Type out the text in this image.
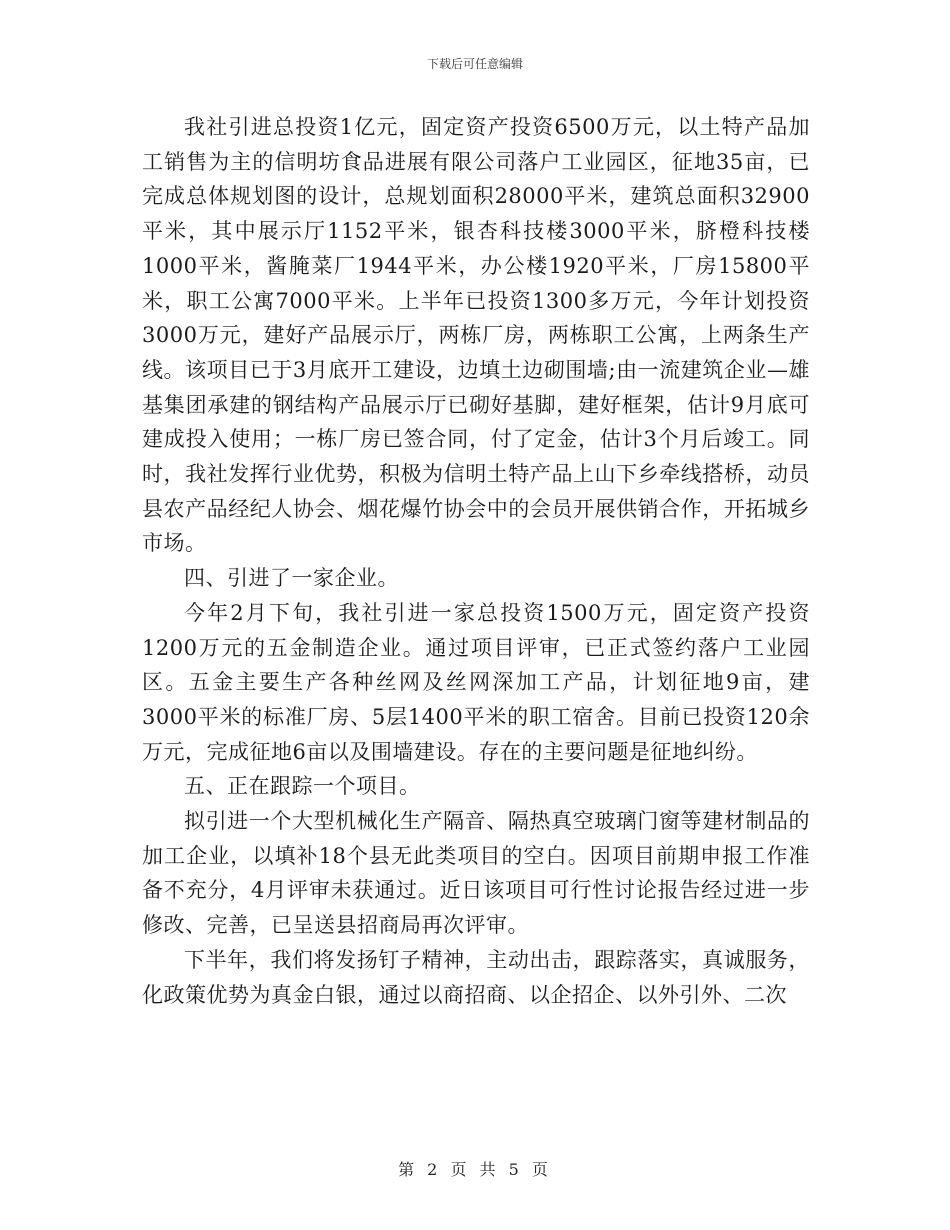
下载后可任意编辑

我社引进总投资1亿元，固定资产投资6500万元，以土特产品加工销售为主的信明坊食品进展有限公司落户工业园区，征地35亩，已完成总体规划图的设计，总规划面积28000平米，建筑总面积32900平米，其中展示厅1152平米，银杏科技楼3000平米，脐橙科技楼1000平米，酱腌菜厂1944平米，办公楼1920平米，厂房15800平米，职工公寓7000平米。上半年已投资1300多万元，今年计划投资3000万元，建好产品展示厅，两栋厂房，两栋职工公寓，上两条生产线。该项目已于3月底开工建设，边填土边砌围墙;由一流建筑企业—雄基集团承建的钢结构产品展示厅已砌好基脚，建好框架，估计9月底可建成投入使用；一栋厂房已签合同，付了定金，估计3个月后竣工。同时，我社发挥行业优势，积极为信明土特产品上山下乡牵线搭桥，动员县农产品经纪人协会、烟花爆竹协会中的会员开展供销合作，开拓城乡市场。

四、引进了一家企业。

今年2月下旬，我社引进一家总投资1500万元，固定资产投资1200万元的五金制造企业。通过项目评审，已正式签约落户工业园区。五金主要生产各种丝网及丝网深加工产品，计划征地9亩，建3000平米的标准厂房、5层1400平米的职工宿舍。目前已投资120余万元，完成征地6亩以及围墙建设。存在的主要问题是征地纠纷。

五、正在跟踪一个项目。

拟引进一个大型机械化生产隔音、隔热真空玻璃门窗等建材制品的加工企业，以填补18个县无此类项目的空白。因项目前期申报工作准备不充分，4月评审未获通过。近日该项目可行性讨论报告经过进一步修改、完善，已呈送县招商局再次评审。

下半年，我们将发扬钉子精神，主动出击，跟踪落实，真诚服务，化政策优势为真金白银，通过以商招商、以企招企、以外引外、二次

第 2 页 共 5 页
